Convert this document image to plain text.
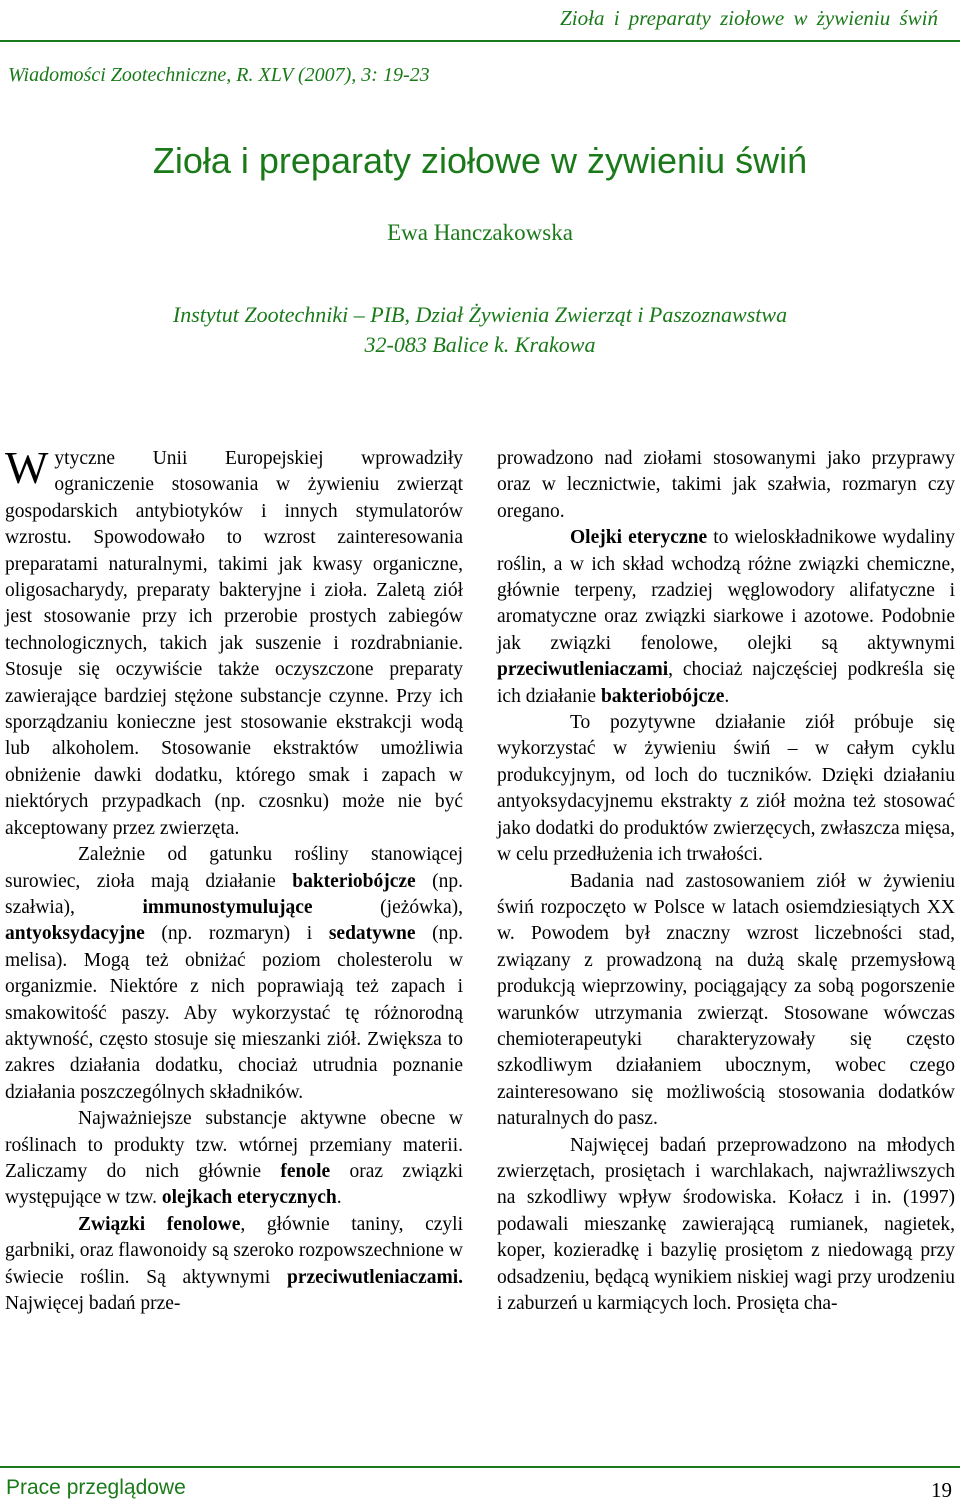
Zioła i preparaty ziołowe w żywieniu świń
Wiadomości Zootechniczne, R. XLV (2007), 3: 19-23
Zioła i preparaty ziołowe w żywieniu świń
Ewa Hanczakowska
Instytut Zootechniki – PIB, Dział Żywienia Zwierząt i Paszoznawstwa
32-083 Balice k. Krakowa

Wytyczne Unii Europejskiej wprowadziły ograniczenie stosowania w żywieniu zwierząt gospodarskich antybiotyków i innych stymulatorów wzrostu. Spowodowało to wzrost zainteresowania preparatami naturalnymi, takimi jak kwasy organiczne, oligosacharydy, preparaty bakteryjne i zioła. Zaletą ziół jest stosowanie przy ich przerobie prostych zabiegów technologicznych, takich jak suszenie i rozdrabnianie. Stosuje się oczywiście także oczyszczone preparaty zawierające bardziej stężone substancje czynne. Przy ich sporządzaniu konieczne jest stosowanie ekstrakcji wodą lub alkoholem. Stosowanie ekstraktów umożliwia obniżenie dawki dodatku, którego smak i zapach w niektórych przypadkach (np. czosnku) może nie być akceptowany przez zwierzęta.

Zależnie od gatunku rośliny stanowiącej surowiec, zioła mają działanie bakteriobójcze (np. szałwia), immunostymulujące (jeżówka), antyoksydacyjne (np. rozmaryn) i sedatywne (np. melisa). Mogą też obniżać poziom cholesterolu w organizmie. Niektóre z nich poprawiają też zapach i smakowitość paszy. Aby wykorzystać tę różnorodną aktywność, często stosuje się mieszanki ziół. Zwiększa to zakres działania dodatku, chociaż utrudnia poznanie działania poszczególnych składników.

Najważniejsze substancje aktywne obecne w roślinach to produkty tzw. wtórnej przemiany materii. Zaliczamy do nich głównie fenole oraz związki występujące w tzw. olejkach eterycznych.

Związki fenolowe, głównie taniny, czyli garbniki, oraz flawonoidy są szeroko rozpowszechnione w świecie roślin. Są aktywnymi przeciwutleniaczami. Najwięcej badań prze-

prowadzono nad ziołami stosowanymi jako przyprawy oraz w lecznictwie, takimi jak szałwia, rozmaryn czy oregano.

Olejki eteryczne to wieloskładnikowe wydaliny roślin, a w ich skład wchodzą różne związki chemiczne, głównie terpeny, rzadziej węglowodory alifatyczne i aromatyczne oraz związki siarkowe i azotowe. Podobnie jak związki fenolowe, olejki są aktywnymi przeciwutleniaczami, chociaż najczęściej podkreśla się ich działanie bakteriobójcze.

To pozytywne działanie ziół próbuje się wykorzystać w żywieniu świń – w całym cyklu produkcyjnym, od loch do tuczników. Dzięki działaniu antyoksydacyjnemu ekstrakty z ziół można też stosować jako dodatki do produktów zwierzęcych, zwłaszcza mięsa, w celu przedłużenia ich trwałości.

Badania nad zastosowaniem ziół w żywieniu świń rozpoczęto w Polsce w latach osiemdziesiątych XX w. Powodem był znaczny wzrost liczebności stad, związany z prowadzoną na dużą skalę przemysłową produkcją wieprzowiny, pociągający za sobą pogorszenie warunków utrzymania zwierząt. Stosowane wówczas chemioterapeutyki charakteryzowały się często szkodliwym działaniem ubocznym, wobec czego zainteresowano się możliwością stosowania dodatków naturalnych do pasz.

Najwięcej badań przeprowadzono na młodych zwierzętach, prosiętach i warchlakach, najwrażliwszych na szkodliwy wpływ środowiska. Kołacz i in. (1997) podawali mieszankę zawierającą rumianek, nagietek, koper, kozieradkę i bazylię prosiętom z niedowagą przy odsadzeniu, będącą wynikiem niskiej wagi przy urodzeniu i zaburzeń u karmiących loch. Prosięta cha-

Prace przeglądowe	19
